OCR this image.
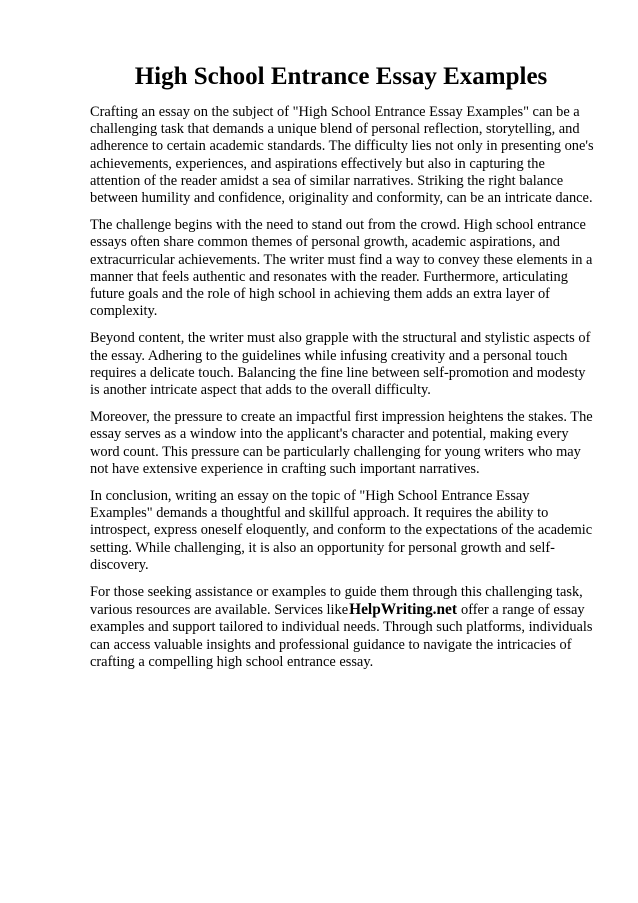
High School Entrance Essay Examples

Crafting an essay on the subject of "High School Entrance Essay Examples" can be a challenging task that demands a unique blend of personal reflection, storytelling, and adherence to certain academic standards. The difficulty lies not only in presenting one's achievements, experiences, and aspirations effectively but also in capturing the attention of the reader amidst a sea of similar narratives. Striking the right balance between humility and confidence, originality and conformity, can be an intricate dance.

The challenge begins with the need to stand out from the crowd. High school entrance essays often share common themes of personal growth, academic aspirations, and extracurricular achievements. The writer must find a way to convey these elements in a manner that feels authentic and resonates with the reader. Furthermore, articulating future goals and the role of high school in achieving them adds an extra layer of complexity.

Beyond content, the writer must also grapple with the structural and stylistic aspects of the essay. Adhering to the guidelines while infusing creativity and a personal touch requires a delicate touch. Balancing the fine line between self-promotion and modesty is another intricate aspect that adds to the overall difficulty.

Moreover, the pressure to create an impactful first impression heightens the stakes. The essay serves as a window into the applicant's character and potential, making every word count. This pressure can be particularly challenging for young writers who may not have extensive experience in crafting such important narratives.

In conclusion, writing an essay on the topic of "High School Entrance Essay Examples" demands a thoughtful and skillful approach. It requires the ability to introspect, express oneself eloquently, and conform to the expectations of the academic setting. While challenging, it is also an opportunity for personal growth and self-discovery.

For those seeking assistance or examples to guide them through this challenging task, various resources are available. Services likeHelpWriting.net offer a range of essay examples and support tailored to individual needs. Through such platforms, individuals can access valuable insights and professional guidance to navigate the intricacies of crafting a compelling high school entrance essay.
